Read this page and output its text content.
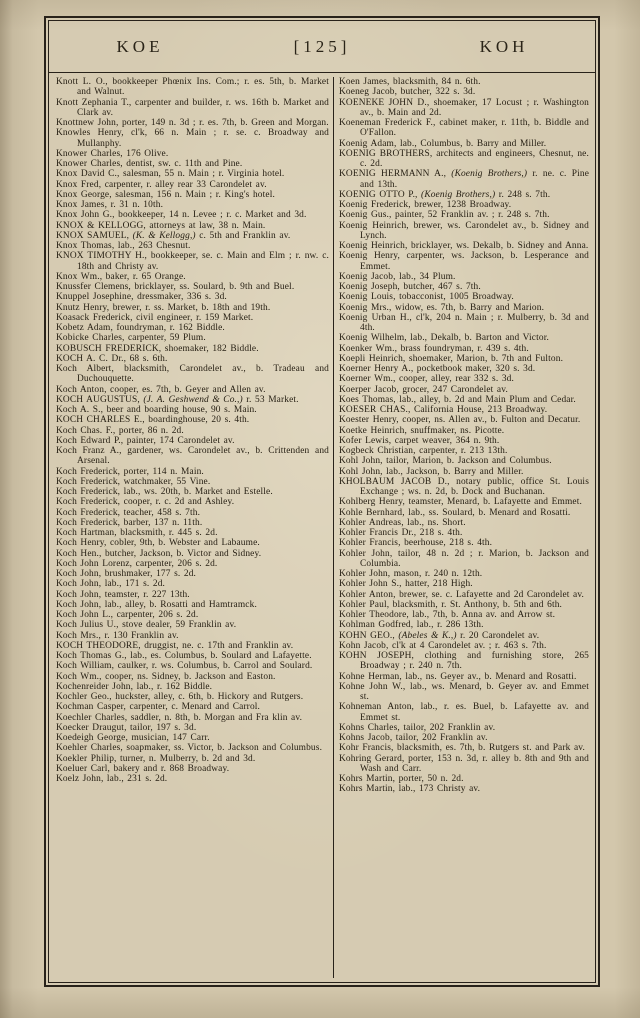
KOE	[125]	KOH

Knott L. O., bookkeeper Phœnix Ins. Com.; r. es. 5th, b. Market and Walnut.

Knott Zephania T., carpenter and builder, r. ws. 16th b. Market and Clark av.

Knottnew John, porter, 149 n. 3d ; r. es. 7th, b. Green and Morgan.

Knowles Henry, cl'k, 66 n. Main ; r. se. c. Broadway and Mullanphy.

Knower Charles, 176 Olive.

Knower Charles, dentist, sw. c. 11th and Pine.

Knox David C., salesman, 55 n. Main ; r. Virginia hotel.

Knox Fred, carpenter, r. alley rear 33 Carondelet av.

Knox George, salesman, 156 n. Main ; r. King's hotel.

Knox James, r. 31 n. 10th.

Knox John G., bookkeeper, 14 n. Levee ; r. c. Market and 3d.

KNOX & KELLOGG, attorneys at law, 38 n. Main.

KNOX SAMUEL, (K. & Kellogg,) c. 5th and Franklin av.

Knox Thomas, lab., 263 Chesnut.

KNOX TIMOTHY H., bookkeeper, se. c. Main and Elm ; r. nw. c. 18th and Christy av.

Knox Wm., baker, r. 65 Orange.

Knussfer Clemens, bricklayer, ss. Soulard, b. 9th and Buel.

Knuppel Josephine, dressmaker, 336 s. 3d.

Knutz Henry, brewer, r. ss. Market, b. 18th and 19th.

Koasack Frederick, civil engineer, r. 159 Market.

Kobetz Adam, foundryman, r. 162 Biddle.

Kobicke Charles, carpenter, 59 Plum.

KOBUSCH FREDERICK, shoemaker, 182 Biddle.

KOCH A. C. Dr., 68 s. 6th.

Koch Albert, blacksmith, Carondelet av., b. Tradeau and Duchouquette.

Koch Anton, cooper, es. 7th, b. Geyer and Allen av.

KOCH AUGUSTUS, (J. A. Geshwend & Co.,) r. 53 Market.

Koch A. S., beer and boarding house, 90 s. Main.

KOCH CHARLES E., boardinghouse, 20 s. 4th.

Koch Chas. F., porter, 86 n. 2d.

Koch Edward P., painter, 174 Carondelet av.

Koch Franz A., gardener, ws. Carondelet av., b. Crittenden and Arsenal.

Koch Frederick, porter, 114 n. Main.

Koch Frederick, watchmaker, 55 Vine.

Koch Frederick, lab., ws. 20th, b. Market and Estelle.

Koch Frederick, cooper, r. c. 2d and Ashley.

Koch Frederick, teacher, 458 s. 7th.

Koch Frederick, barber, 137 n. 11th.

Koch Hartman, blacksmith, r. 445 s. 2d.

Koch Henry, cobler, 9th, b. Webster and Labaume.

Koch Hen., butcher, Jackson, b. Victor and Sidney.

Koch John Lorenz, carpenter, 206 s. 2d.

Koch John, brushmaker, 177 s. 2d.

Koch John, lab., 171 s. 2d.

Koch John, teamster, r. 227 13th.

Koch John, lab., alley, b. Rosatti and Hamtramck.

Koch John L., carpenter, 206 s. 2d.

Koch Julius U., stove dealer, 59 Franklin av.

Koch Mrs., r. 130 Franklin av.

KOCH THEODORE, druggist, ne. c. 17th and Franklin av.

Koch Thomas G., lab., es. Columbus, b. Soulard and Lafayette.

Koch William, caulker, r. ws. Columbus, b. Carrol and Soulard.

Koch Wm., cooper, ns. Sidney, b. Jackson and Easton.

Kochenreider John, lab., r. 162 Biddle.

Kochler Geo., huckster, alley, c. 6th, b. Hickory and Rutgers.

Kochman Casper, carpenter, c. Menard and Carrol.

Koechler Charles, saddler, n. 8th, b. Morgan and Fra klin av.

Koecker Draugut, tailor, 197 s. 3d.

Koedeigh George, musician, 147 Carr.

Koehler Charles, soapmaker, ss. Victor, b. Jackson and Columbus.

Koekler Philip, turner, n. Mulberry, b. 2d and 3d.

Koeluer Carl, bakery and r. 868 Broadway.

Koelz John, lab., 231 s. 2d.

Koen James, blacksmith, 84 n. 6th.

Koeneg Jacob, butcher, 322 s. 3d.

KOENEKE JOHN D., shoemaker, 17 Locust ; r. Washington av., b. Main and 2d.

Koeneman Frederick F., cabinet maker, r. 11th, b. Biddle and O'Fallon.

Koenig Adam, lab., Columbus, b. Barry and Miller.

KOENIG BROTHERS, architects and engineers, Chesnut, ne. c. 2d.

KOENIG HERMANN A., (Koenig Brothers,) r. ne. c. Pine and 13th.

KOENIG OTTO P., (Koenig Brothers,) r. 248 s. 7th.

Koenig Frederick, brewer, 1238 Broadway.

Koenig Gus., painter, 52 Franklin av. ; r. 248 s. 7th.

Koenig Heinrich, brewer, ws. Carondelet av., b. Sidney and Lynch.

Koenig Heinrich, bricklayer, ws. Dekalb, b. Sidney and Anna.

Koenig Henry, carpenter, ws. Jackson, b. Lesperance and Emmet.

Koenig Jacob, lab., 34 Plum.

Koenig Joseph, butcher, 467 s. 7th.

Koenig Louis, tobacconist, 1005 Broadway.

Koenig Mrs., widow, es. 7th, b. Barry and Marion.

Koenig Urban H., cl'k, 204 n. Main ; r. Mulberry, b. 3d and 4th.

Koenig Wilhelm, lab., Dekalb, b. Barton and Victor.

Koenker Wm., brass foundryman, r. 439 s. 4th.

Koepli Heinrich, shoemaker, Marion, b. 7th and Fulton.

Koerner Henry A., pocketbook maker, 320 s. 3d.

Koerner Wm., cooper, alley, rear 332 s. 3d.

Koerper Jacob, grocer, 247 Carondelet av.

Koes Thomas, lab., alley, b. 2d and Main Plum and Cedar.

KOESER CHAS., California House, 213 Broadway.

Koester Henry, cooper, ns. Allen av., b. Fulton and Decatur.

Koetke Heinrich, snuffmaker, ns. Picotte.

Kofer Lewis, carpet weaver, 364 n. 9th.

Kogbeck Christian, carpenter, r. 213 13th.

Kohl John, tailor, Marion, b. Jackson and Columbus.

Kohl John, lab., Jackson, b. Barry and Miller.

KHOLBAUM JACOB D., notary public, office St. Louis Exchange ; ws. n. 2d, b. Dock and Buchanan.

Kohlberg Henry, teamster, Menard, b. Lafayette and Emmet.

Kohle Bernhard, lab., ss. Soulard, b. Menard and Rosatti.

Kohler Andreas, lab., ns. Short.

Kohler Francis Dr., 218 s. 4th.

Kohler Francis, beerhouse, 218 s. 4th.

Kohler John, tailor, 48 n. 2d ; r. Marion, b. Jackson and Columbia.

Kohler John, mason, r. 240 n. 12th.

Kohler John S., hatter, 218 High.

Kohler Anton, brewer, se. c. Lafayette and 2d Carondelet av.

Kohler Paul, blacksmith, r. St. Anthony, b. 5th and 6th.

Kohler Theodore, lab., 7th, b. Anna av. and Arrow st.

Kohlman Godfred, lab., r. 286 13th.

KOHN GEO., (Abeles & K.,) r. 20 Carondelet av.

Kohn Jacob, cl'k at 4 Carondelet av. ; r. 463 s. 7th.

KOHN JOSEPH, clothing and furnishing store, 265 Broadway ; r. 240 n. 7th.

Kohne Herman, lab., ns. Geyer av., b. Menard and Rosatti.

Kohne John W., lab., ws. Menard, b. Geyer av. and Emmet st.

Kohneman Anton, lab., r. es. Buel, b. Lafayette av. and Emmet st.

Kohns Charles, tailor, 202 Franklin av.

Kohns Jacob, tailor, 202 Franklin av.

Kohr Francis, blacksmith, es. 7th, b. Rutgers st. and Park av.

Kohring Gerard, porter, 153 n. 3d, r. alley b. 8th and 9th and Wash and Carr.

Kohrs Martin, porter, 50 n. 2d.

Kohrs Martin, lab., 173 Christy av.
